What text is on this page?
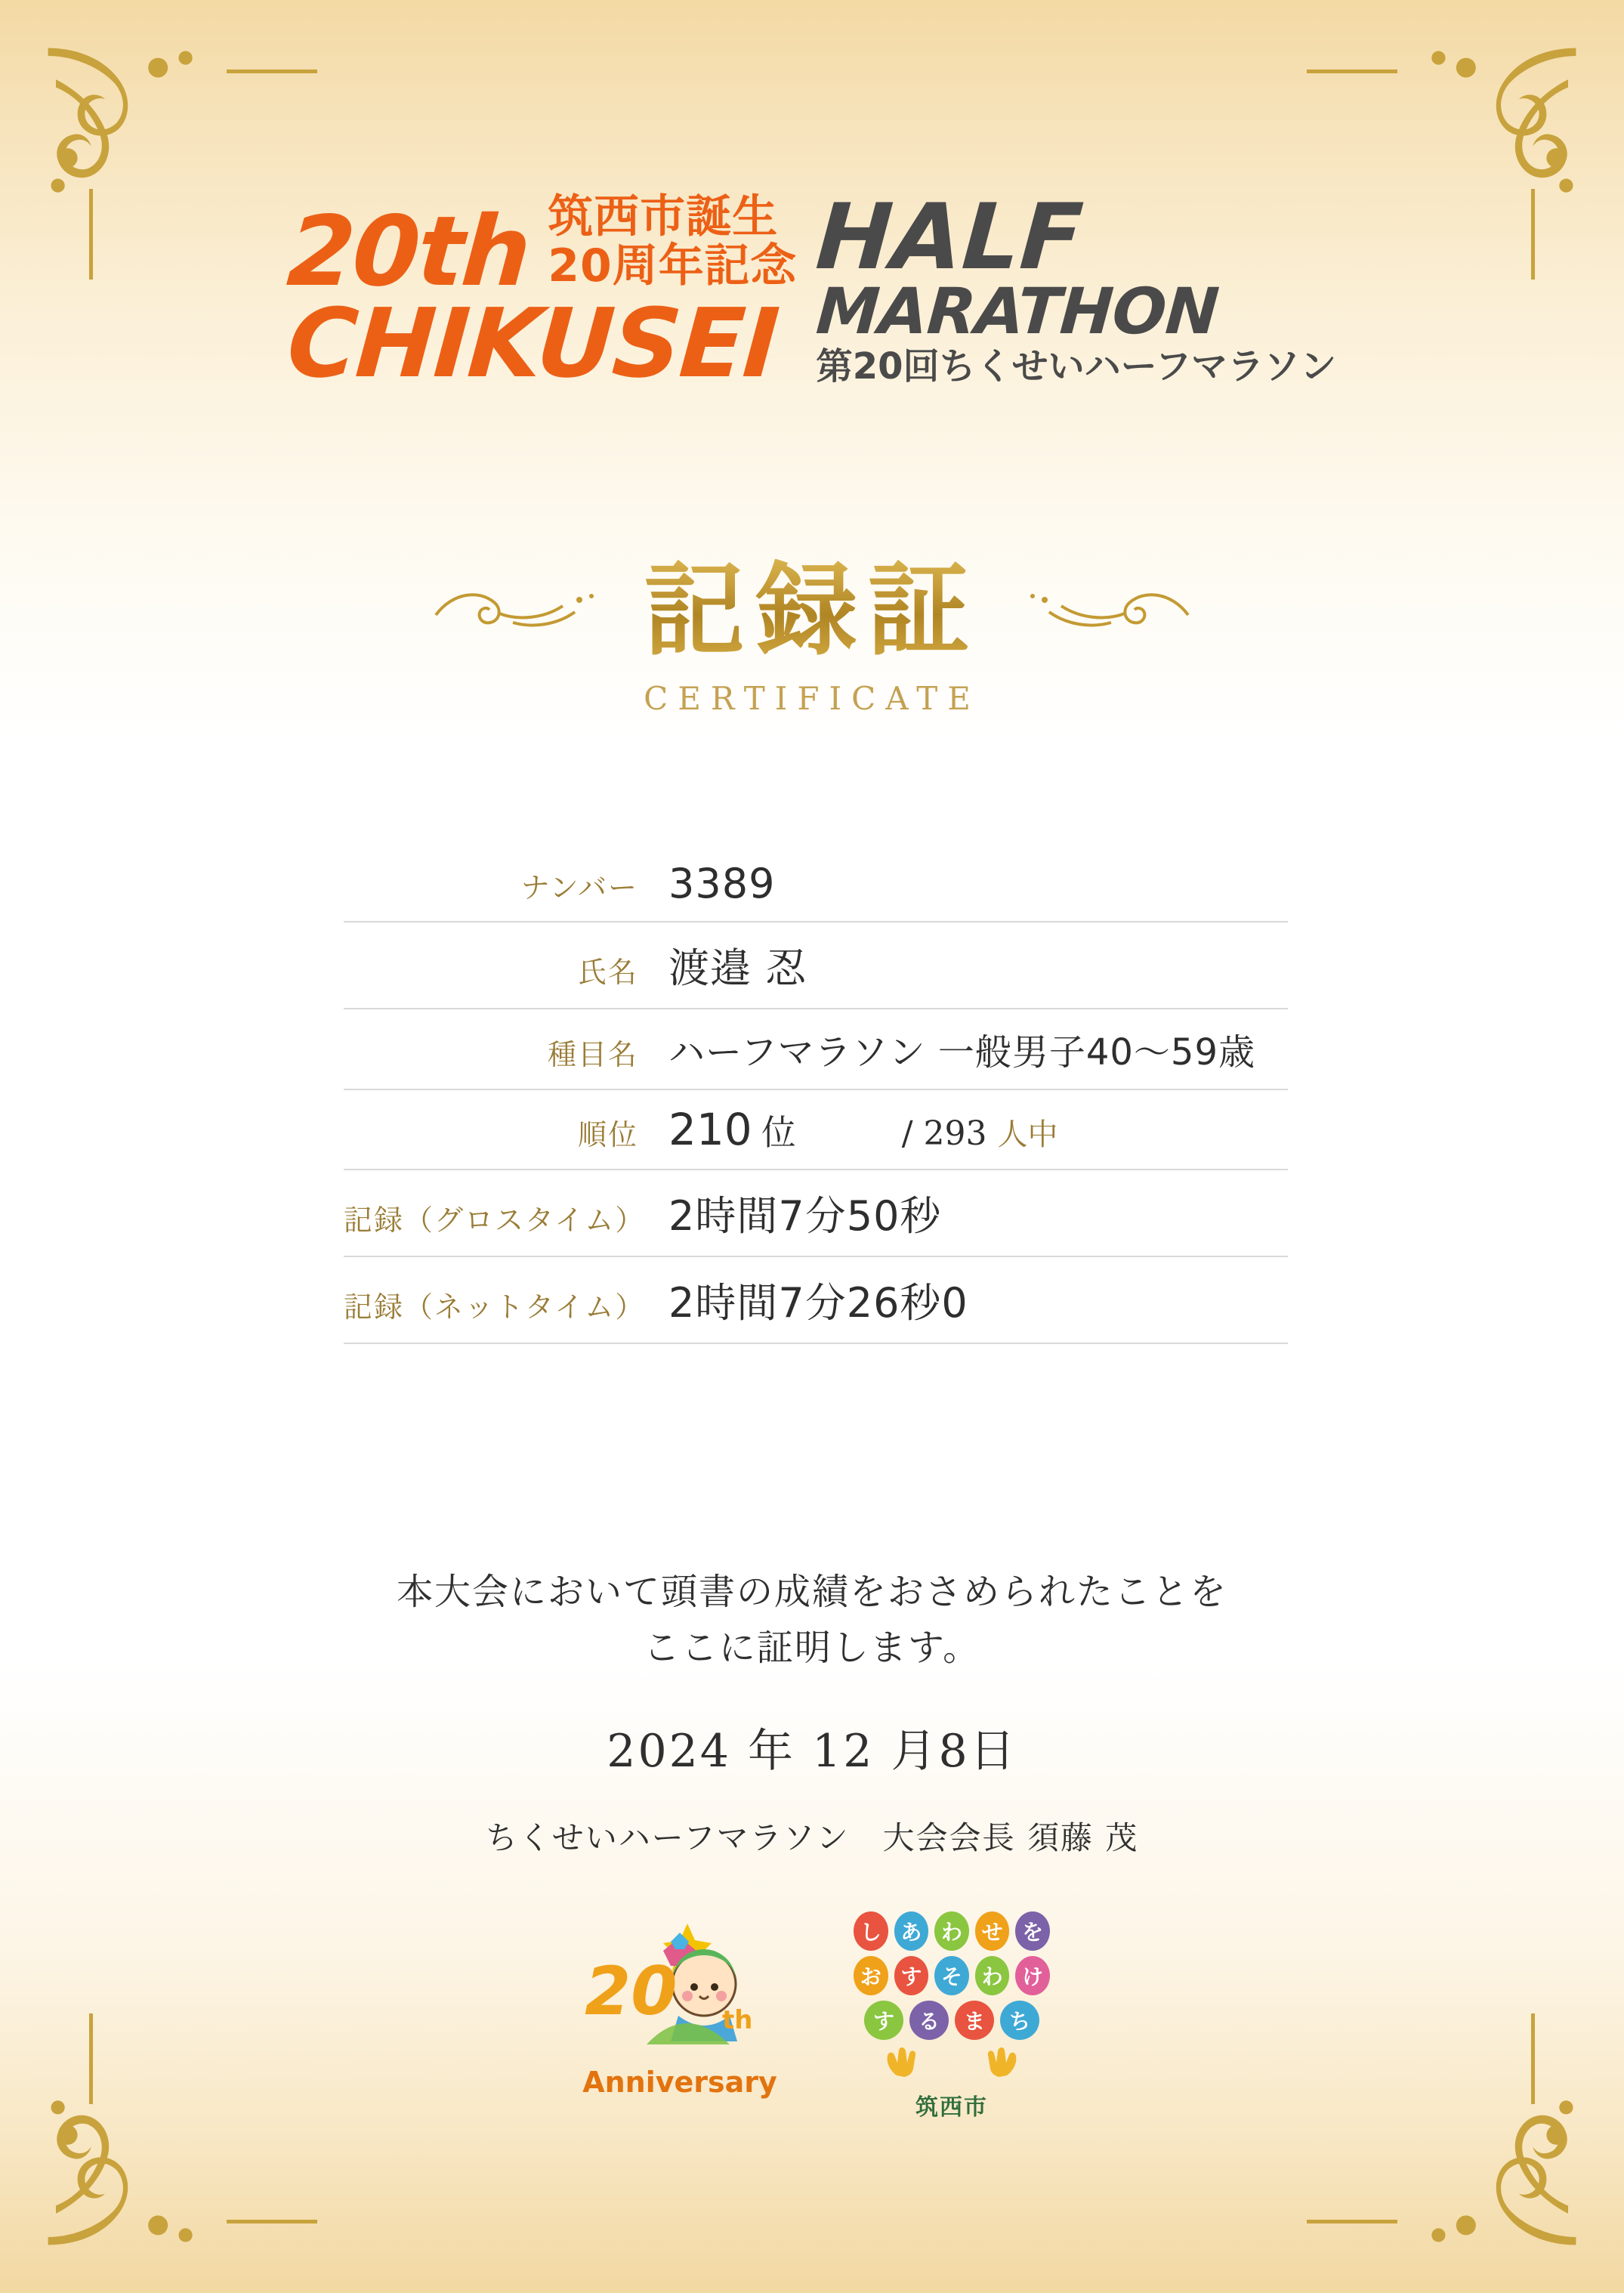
20th 筑西市誕生
20周年記念
CHIKUSEI
HALF
MARATHON
第20回ちくせいハーフマラソン
記録証
CERTIFICATE
ナンバー 3389
氏名 渡邉 忍
種目名 ハーフマラソン 一般男子40〜59歳
順位 210 位	/ 293 人中
記録（グロスタイム） 2時間7分50秒
記録（ネットタイム） 2時間7分26秒0
本大会において頭書の成績をおさめられたことを
ここに証明します。
2024 年 12 月8日
ちくせいハーフマラソン　大会会長 須藤 茂
20 th
Anniversary
し あ わ せ を
お す そ わ け
す	る	ま	ち
筑西市
